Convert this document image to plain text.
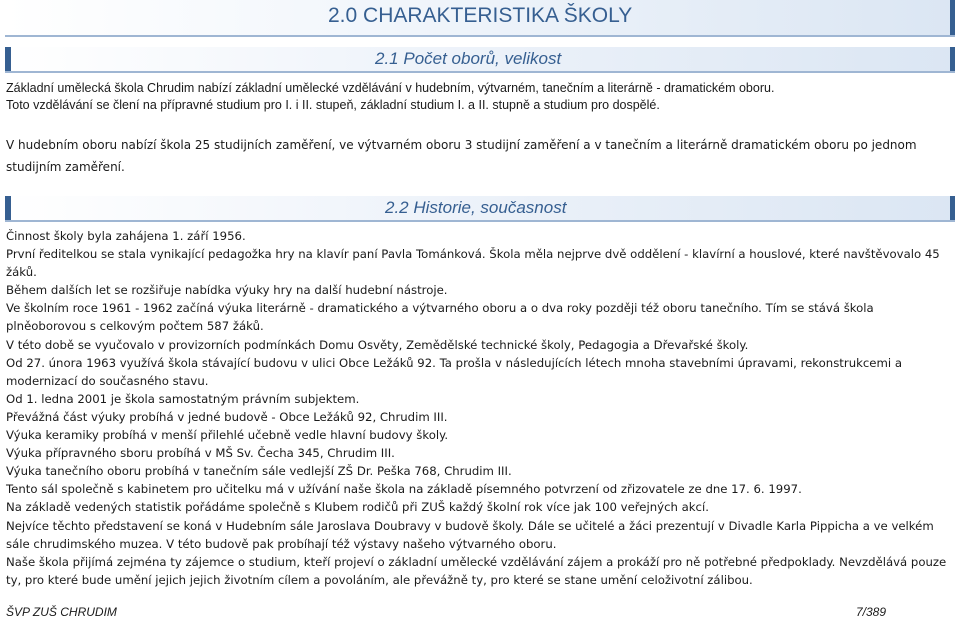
2.0 CHARAKTERISTIKA ŠKOLY
2.1 Počet oborů, velikost
Základní umělecká škola Chrudim nabízí základní umělecké vzdělávání v hudebním, výtvarném, tanečním a literárně - dramatickém oboru.
Toto vzdělávání se člení na přípravné studium pro I. i II. stupeň, základní studium I. a II. stupně a studium pro dospělé.
V hudebním oboru nabízí škola 25 studijních zaměření, ve výtvarném oboru 3 studijní zaměření a v tanečním a literárně dramatickém oboru po jednom studijním zaměření.
2.2 Historie, současnost
Činnost školy byla zahájena 1. září 1956.
První ředitelkou se stala vynikající pedagožka hry na klavír paní Pavla Tománková. Škola měla nejprve dvě oddělení - klavírní a houslové, které navštěvovalo 45 žáků.
Během dalších let se rozšiřuje nabídka výuky hry na další hudební nástroje.
Ve školním roce 1961 - 1962 začíná výuka literárně - dramatického a výtvarného oboru a o dva roky později též oboru tanečního. Tím se stává škola plněoborovou s celkovým počtem 587 žáků.
V této době se vyučovalo v provizorních podmínkách Domu Osvěty, Zemědělské technické školy, Pedagogia a Dřevařské školy.
Od 27. února 1963 využívá škola stávající budovu v ulici Obce Ležáků 92. Ta prošla v následujících létech mnoha stavebními úpravami, rekonstrukcemi a modernizací do současného stavu.
Od 1. ledna 2001 je škola samostatným právním subjektem.
Převážná část výuky probíhá v jedné budově - Obce Ležáků 92, Chrudim III.
Výuka keramiky probíhá v menší přilehlé učebně vedle hlavní budovy školy.
Výuka přípravného sboru probíhá v MŠ Sv. Čecha 345, Chrudim III.
Výuka tanečního oboru probíhá v tanečním sále vedlejší ZŠ Dr. Peška 768, Chrudim III.
Tento sál společně s kabinetem pro učitelku má v užívání naše škola na základě písemného potvrzení od zřizovatele ze dne 17. 6. 1997.
Na základě vedených statistik pořádáme společně s Klubem rodičů při ZUŠ každý školní rok více jak 100 veřejných akcí.
Nejvíce těchto představení se koná v Hudebním sále Jaroslava Doubravy v budově školy. Dále se učitelé a žáci prezentují v Divadle Karla Pippicha a ve velkém sále chrudimského muzea. V této budově pak probíhají též výstavy našeho výtvarného oboru.
Naše škola přijímá zejména ty zájemce o studium, kteří projeví o základní umělecké vzdělávání zájem a prokáží pro ně potřebné předpoklady. Nevzdělává pouze ty, pro které bude umění jejich jejich životním cílem a povoláním, ale převážně ty, pro které se stane umění celoživotní zálibou.
ŠVP ZUŠ CHRUDIM	7/389
